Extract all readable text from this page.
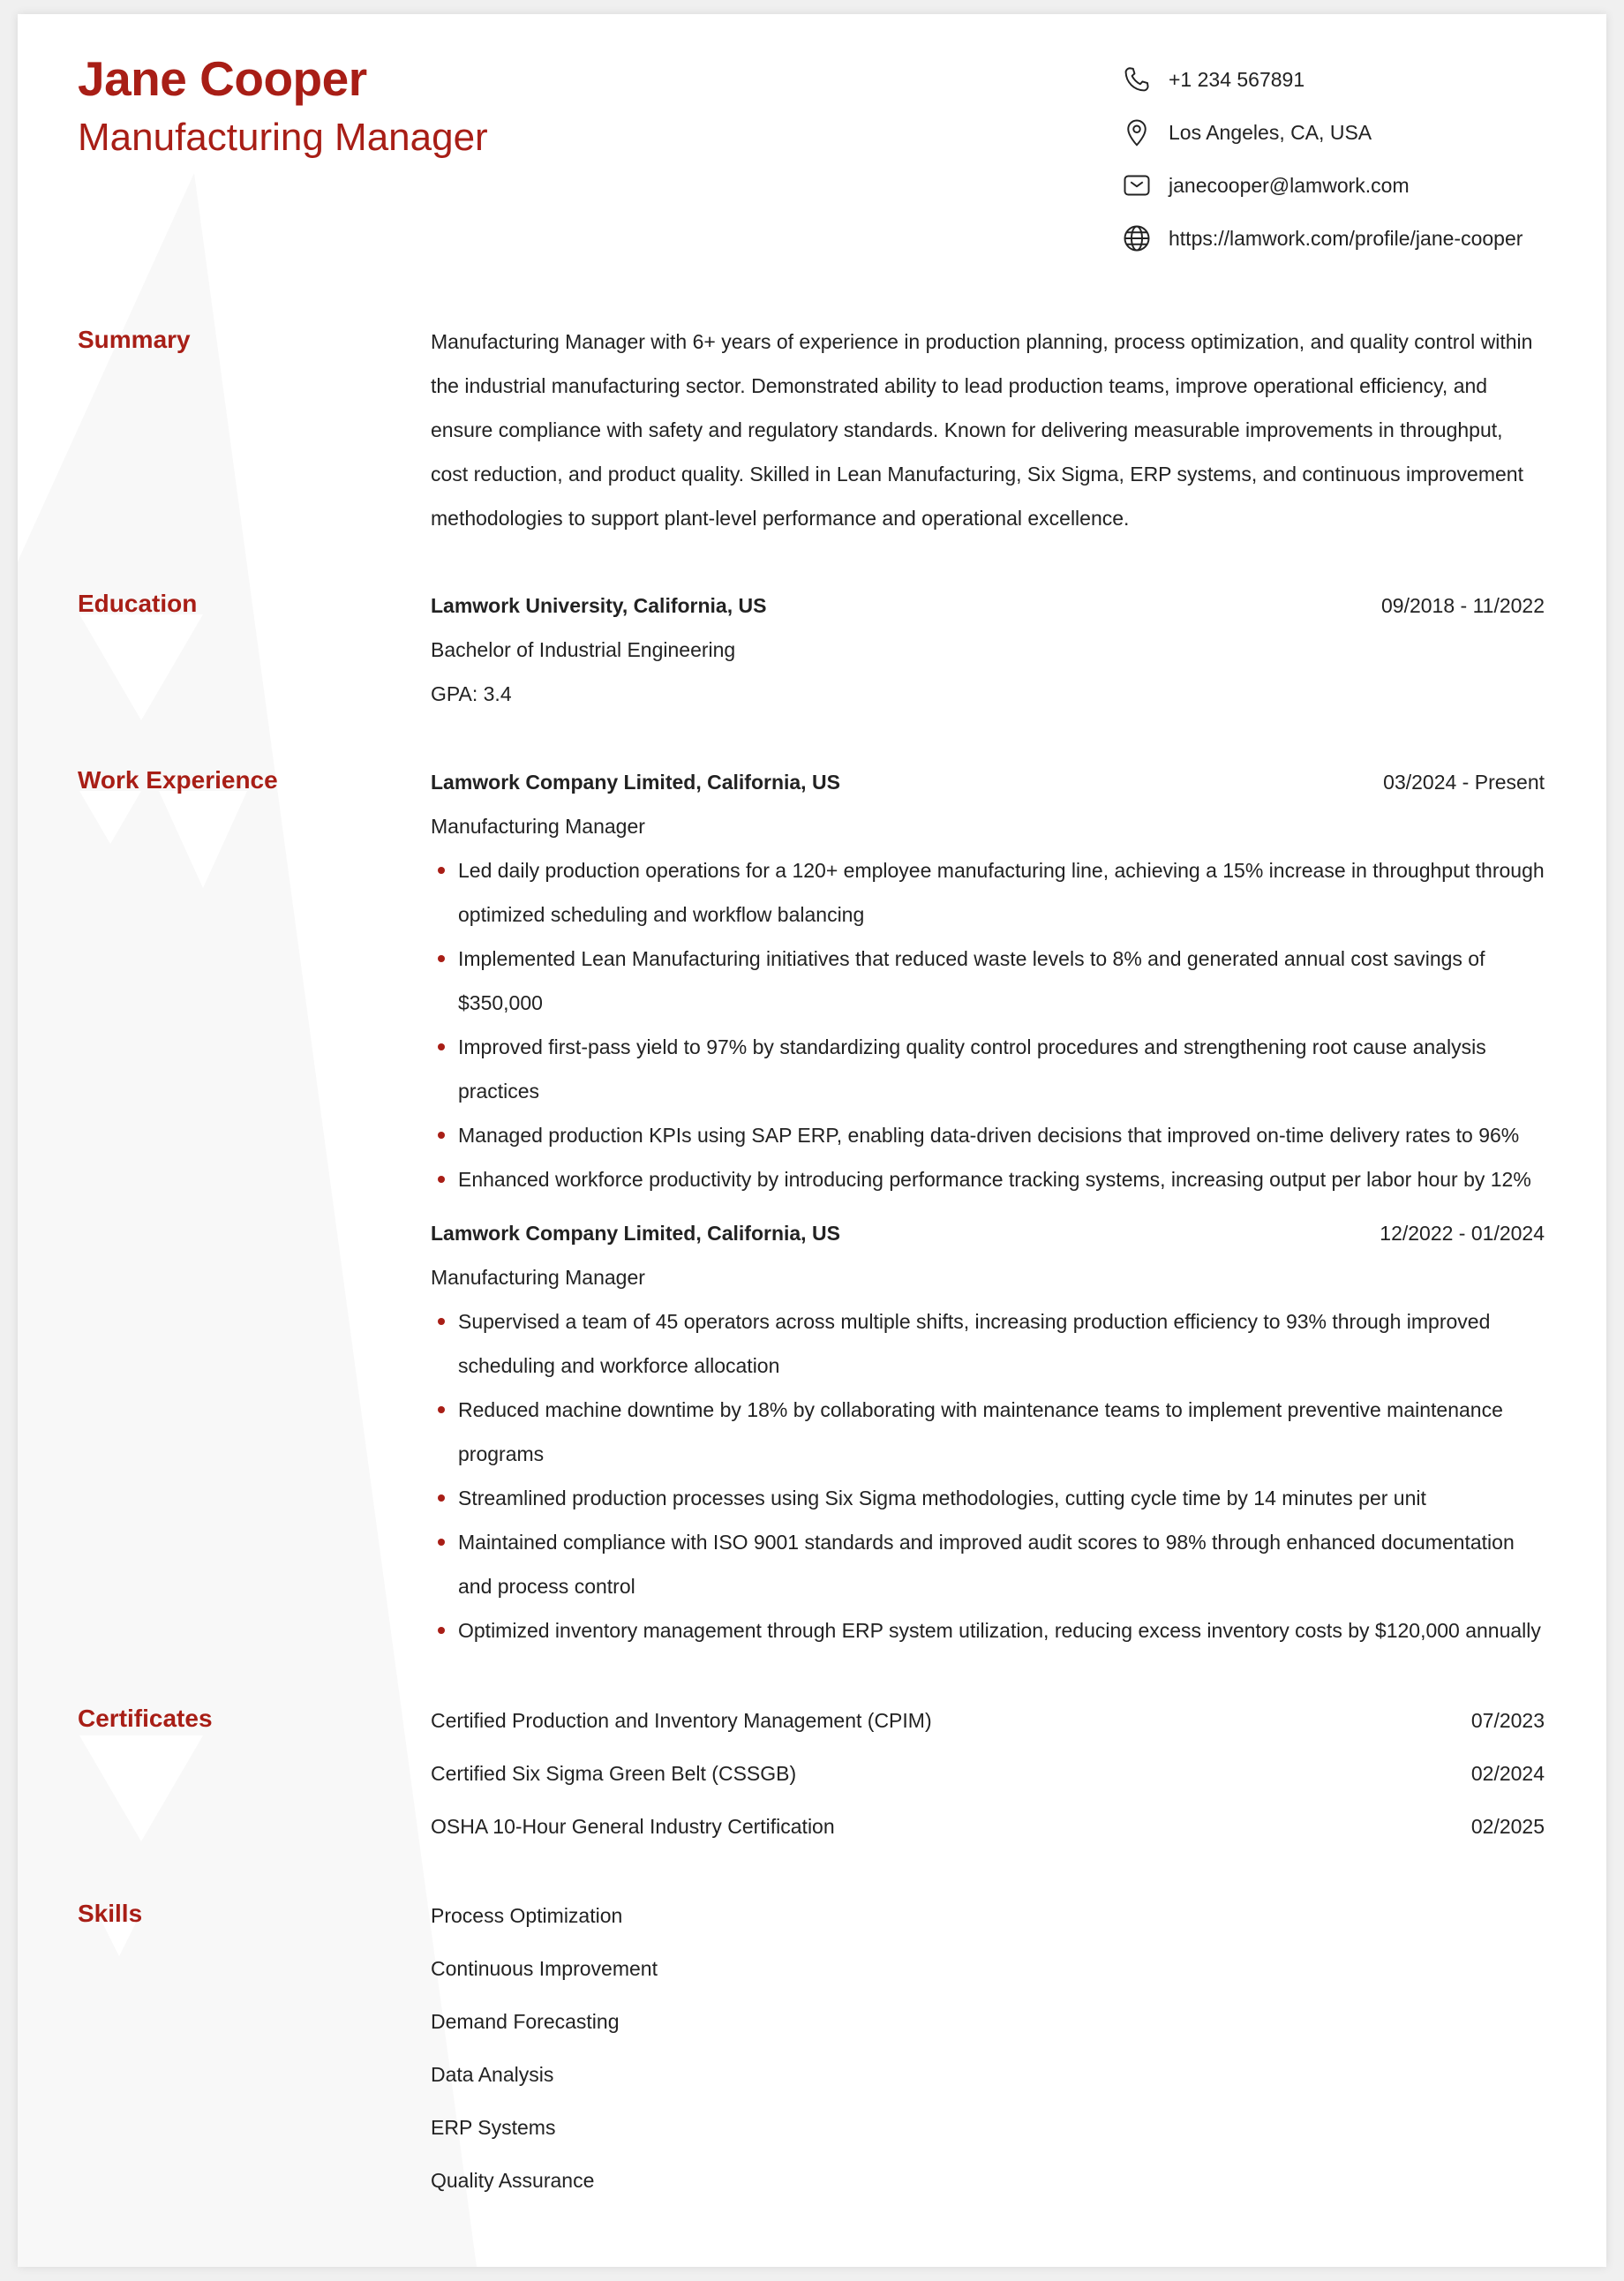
Jane Cooper
Manufacturing Manager
+1 234 567891
Los Angeles, CA, USA
janecooper@lamwork.com
https://lamwork.com/profile/jane-cooper
Summary	Manufacturing Manager with 6+ years of experience in production planning, process optimization, and quality control within the industrial manufacturing sector. Demonstrated ability to lead production teams, improve operational efficiency, and ensure compliance with safety and regulatory standards. Known for delivering measurable improvements in throughput, cost reduction, and product quality. Skilled in Lean Manufacturing, Six Sigma, ERP systems, and continuous improvement methodologies to support plant-level performance and operational excellence.
Education	Lamwork University, California, US	09/2018 - 11/2022
Bachelor of Industrial Engineering
GPA: 3.4
Work Experience	Lamwork Company Limited, California, US	03/2024 - Present
Manufacturing Manager
Led daily production operations for a 120+ employee manufacturing line, achieving a 15% increase in throughput through optimized scheduling and workflow balancing
Implemented Lean Manufacturing initiatives that reduced waste levels to 8% and generated annual cost savings of $350,000
Improved first-pass yield to 97% by standardizing quality control procedures and strengthening root cause analysis practices
Managed production KPIs using SAP ERP, enabling data-driven decisions that improved on-time delivery rates to 96%
Enhanced workforce productivity by introducing performance tracking systems, increasing output per labor hour by 12%
Lamwork Company Limited, California, US	12/2022 - 01/2024
Manufacturing Manager
Supervised a team of 45 operators across multiple shifts, increasing production efficiency to 93% through improved scheduling and workforce allocation
Reduced machine downtime by 18% by collaborating with maintenance teams to implement preventive maintenance programs
Streamlined production processes using Six Sigma methodologies, cutting cycle time by 14 minutes per unit
Maintained compliance with ISO 9001 standards and improved audit scores to 98% through enhanced documentation and process control
Optimized inventory management through ERP system utilization, reducing excess inventory costs by $120,000 annually
Certificates	Certified Production and Inventory Management (CPIM)	07/2023
Certified Six Sigma Green Belt (CSSGB)	02/2024
OSHA 10-Hour General Industry Certification	02/2025
Skills	Process Optimization
Continuous Improvement
Demand Forecasting
Data Analysis
ERP Systems
Quality Assurance
